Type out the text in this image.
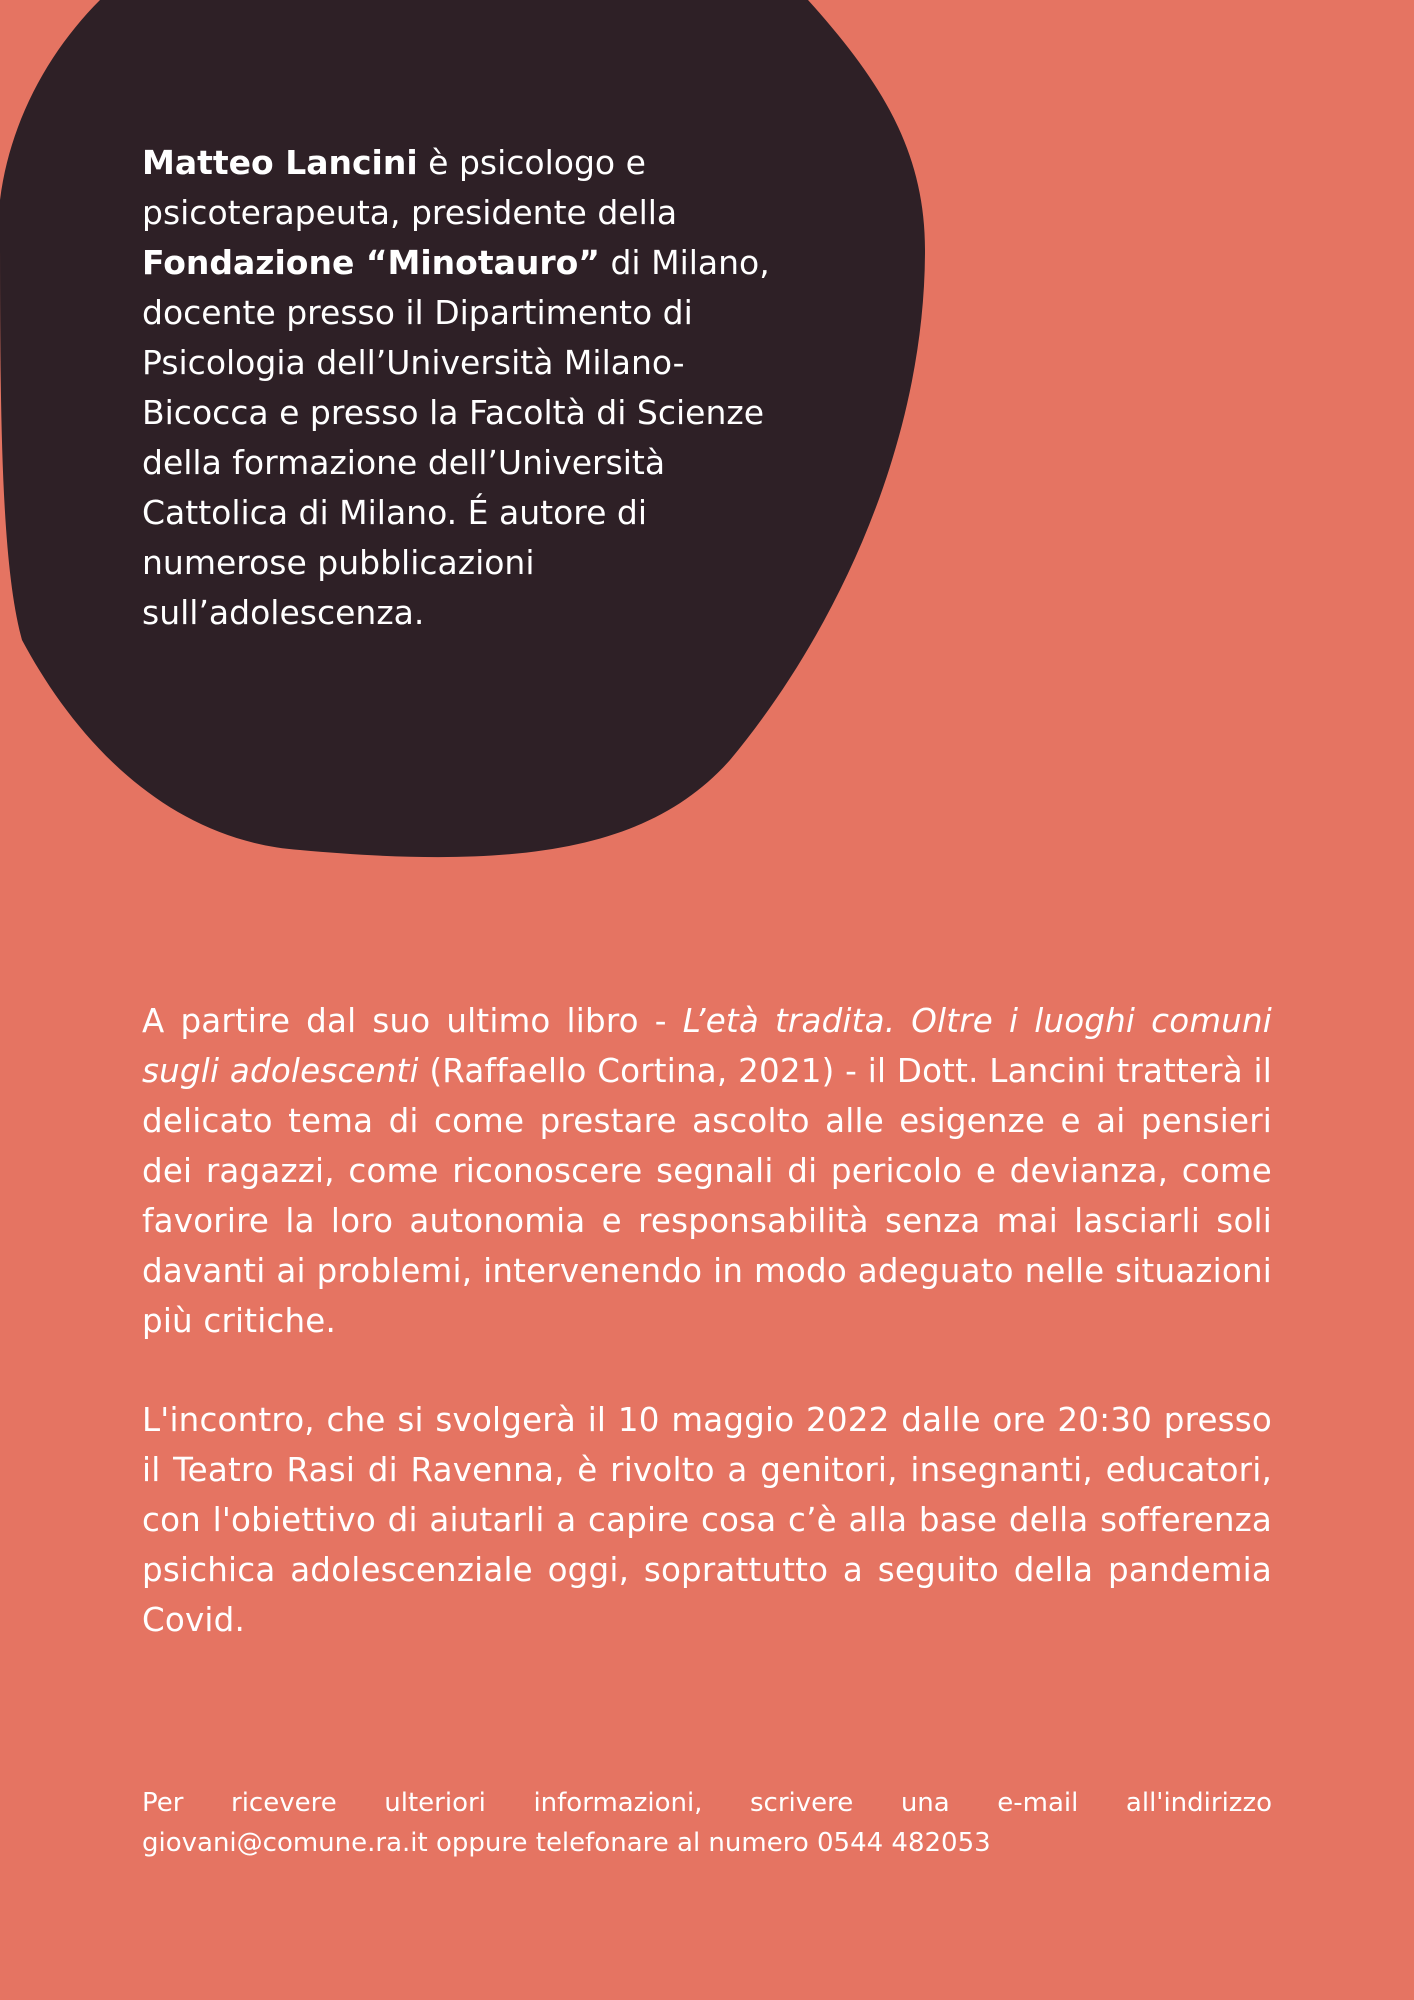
Matteo Lancini è psicologo e psicoterapeuta, presidente della Fondazione “Minotauro” di Milano, docente presso il Dipartimento di Psicologia dell’Università Milano-Bicocca e presso la Facoltà di Scienze della formazione dell’Università Cattolica di Milano. É autore di numerose pubblicazioni sull’adolescenza.
A partire dal suo ultimo libro - L’età tradita. Oltre i luoghi comuni sugli adolescenti (Raffaello Cortina, 2021) - il Dott. Lancini tratterà il delicato tema di come prestare ascolto alle esigenze e ai pensieri dei ragazzi, come riconoscere segnali di pericolo e devianza, come favorire la loro autonomia e responsabilità senza mai lasciarli soli davanti ai problemi, intervenendo in modo adeguato nelle situazioni più critiche.
L'incontro, che si svolgerà il 10 maggio 2022 dalle ore 20:30 presso il Teatro Rasi di Ravenna, è rivolto a genitori, insegnanti, educatori, con l'obiettivo di aiutarli a capire cosa c’è alla base della sofferenza psichica adolescenziale oggi, soprattutto a seguito della pandemia Covid.
Per ricevere ulteriori informazioni, scrivere una e-mail all'indirizzo giovani@comune.ra.it oppure telefonare al numero 0544 482053
